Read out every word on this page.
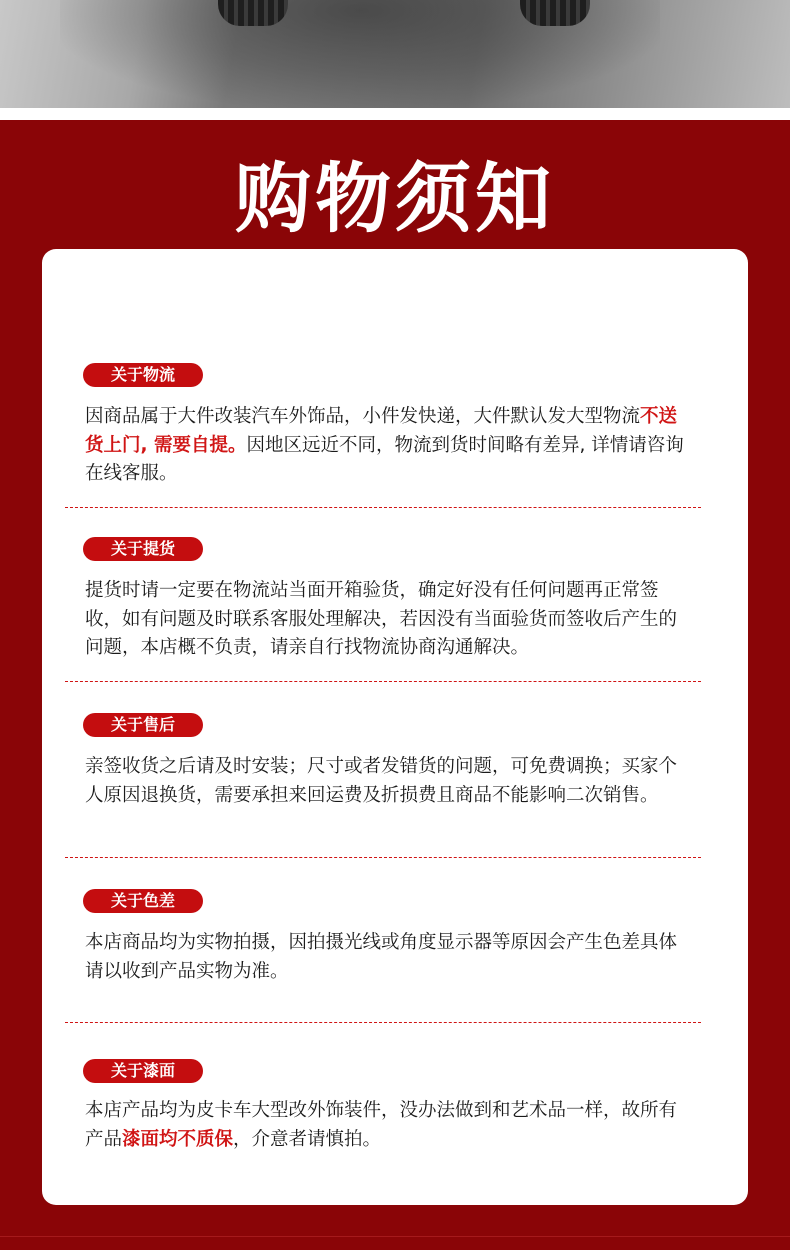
购物须知
关于物流
因商品属于大件改装汽车外饰品，小件发快递，大件默认发大型物流不送货上门, 需要自提。因地区远近不同，物流到货时间略有差异, 详情请咨询在线客服。
关于提货
提货时请一定要在物流站当面开箱验货，确定好没有任何问题再正常签收，如有问题及时联系客服处理解决，若因没有当面验货而签收后产生的问题，本店概不负责，请亲自行找物流协商沟通解决。
关于售后
亲签收货之后请及时安装；尺寸或者发错货的问题，可免费调换；买家个人原因退换货，需要承担来回运费及折损费且商品不能影响二次销售。
关于色差
本店商品均为实物拍摄，因拍摄光线或角度显示器等原因会产生色差具体请以收到产品实物为准。
关于漆面
本店产品均为皮卡车大型改外饰装件，没办法做到和艺术品一样，故所有产品漆面均不质保，介意者请慎拍。
